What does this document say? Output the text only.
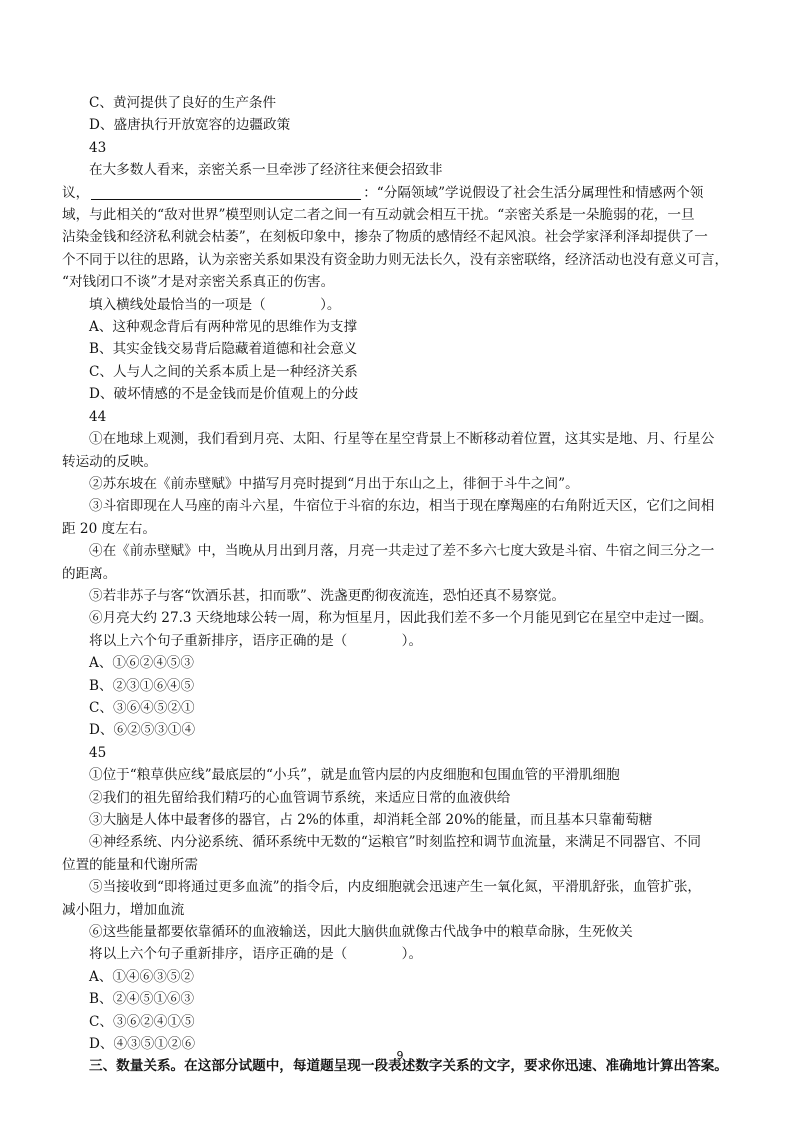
C、黄河提供了良好的生产条件
D、盛唐执行开放宽容的边疆政策
43
在大多数人看来，亲密关系一旦牵涉了经济往来便会招致非
议，	：“分隔领域”学说假设了社会生活分属理性和情感两个领
域，与此相关的“敌对世界”模型则认定二者之间一有互动就会相互干扰。“亲密关系是一朵脆弱的花，一旦
沾染金钱和经济私利就会枯萎”，在刻板印象中，掺杂了物质的感情经不起风浪。社会学家泽利泽却提供了一
个不同于以往的思路，认为亲密关系如果没有资金助力则无法长久，没有亲密联络，经济活动也没有意义可言，
“对钱闭口不谈”才是对亲密关系真正的伤害。
填入横线处最恰当的一项是（　　　　）。
A、这种观念背后有两种常见的思维作为支撑
B、其实金钱交易背后隐藏着道德和社会意义
C、人与人之间的关系本质上是一种经济关系
D、破坏情感的不是金钱而是价值观上的分歧
44
①在地球上观测，我们看到月亮、太阳、行星等在星空背景上不断移动着位置，这其实是地、月、行星公
转运动的反映。
②苏东坡在《前赤壁赋》中描写月亮时提到“月出于东山之上，徘徊于斗牛之间”。
③斗宿即现在人马座的南斗六星，牛宿位于斗宿的东边，相当于现在摩羯座的右角附近天区，它们之间相
距 20 度左右。
④在《前赤壁赋》中，当晚从月出到月落，月亮一共走过了差不多六七度大致是斗宿、牛宿之间三分之一
的距离。
⑤若非苏子与客“饮酒乐甚，扣而歌”、洗盏更酌彻夜流连，恐怕还真不易察觉。
⑥月亮大约 27.3 天绕地球公转一周，称为恒星月，因此我们差不多一个月能见到它在星空中走过一圈。
将以上六个句子重新排序，语序正确的是（　　　　）。
A、①⑥②④⑤③
B、②③①⑥④⑤
C、③⑥④⑤②①
D、⑥②⑤③①④
45
①位于“粮草供应线”最底层的“小兵”，就是血管内层的内皮细胞和包围血管的平滑肌细胞
②我们的祖先留给我们精巧的心血管调节系统，来适应日常的血液供给
③大脑是人体中最奢侈的器官，占 2%的体重，却消耗全部 20%的能量，而且基本只靠葡萄糖
④神经系统、内分泌系统、循环系统中无数的“运粮官”时刻监控和调节血流量，来满足不同器官、不同
位置的能量和代谢所需
⑤当接收到“即将通过更多血流”的指令后，内皮细胞就会迅速产生一氧化氮，平滑肌舒张，血管扩张，
减小阻力，增加血流
⑥这些能量都要依靠循环的血液输送，因此大脑供血就像古代战争中的粮草命脉，生死攸关
将以上六个句子重新排序，语序正确的是（　　　　）。
A、①④⑥③⑤②
B、②④⑤①⑥③
C、③⑥②④①⑤
D、④③⑤①②⑥
三、数量关系。在这部分试题中，每道题呈现一段表述数字关系的文字，要求你迅速、准确地计算出答案。
9
